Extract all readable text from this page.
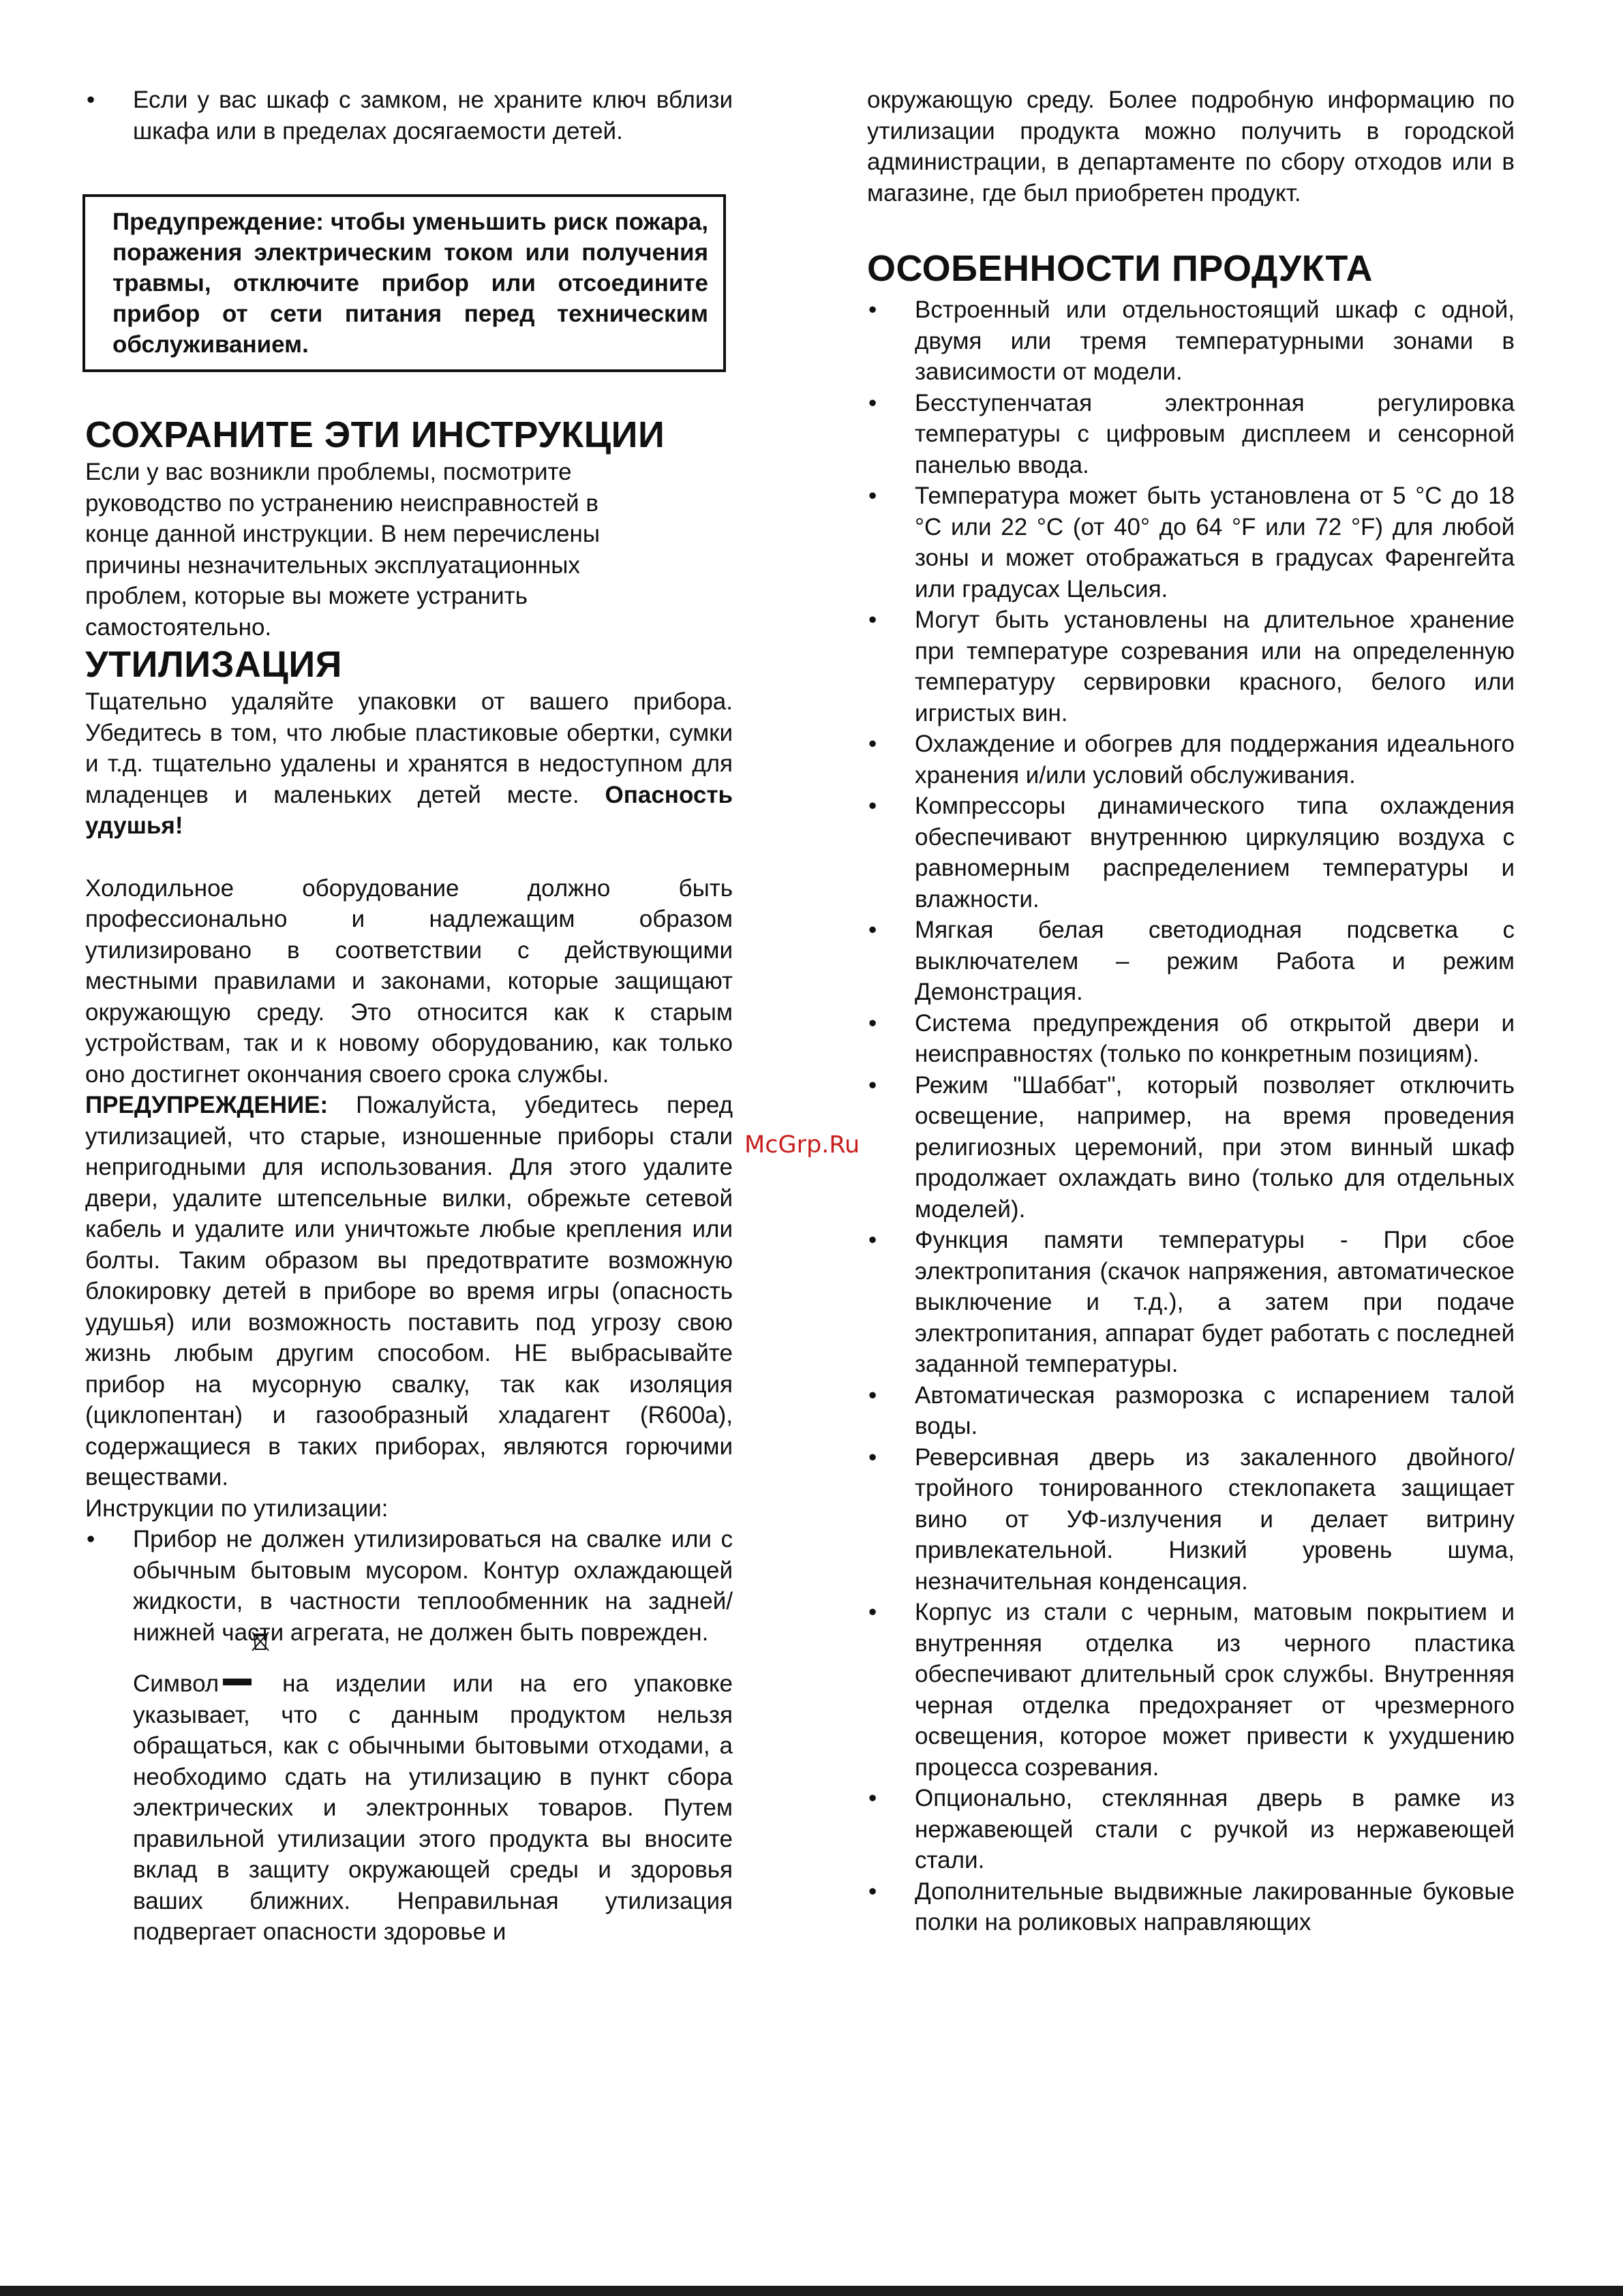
• Если у вас шкаф с замком, не храните ключ вблизи шкафа или в пределах досягаемости детей.
Предупреждение: чтобы уменьшить риск пожара, поражения электрическим током или получения травмы, отключите прибор или отсоедините прибор от сети питания перед техническим обслуживанием.
СОХРАНИТЕ ЭТИ ИНСТРУКЦИИ
Если у вас возникли проблемы, посмотрите
руководство по устранению неисправностей в
конце данной инструкции. В нем перечислены
причины незначительных эксплуатационных
проблем, которые вы можете устранить
самостоятельно.
УТИЛИЗАЦИЯ

Тщательно удаляйте упаковки от вашего прибора. Убедитесь в том, что любые пластиковые обертки, сумки и т.д. тщательно удалены и хранятся в недоступном для младенцев и маленьких детей месте. Опасность удушья!

Холодильное оборудование должно быть профессионально и надлежащим образом утилизировано в соответствии с действующими местными правилами и законами, которые защищают окружающую среду. Это относится как к старым устройствам, так и к новому оборудованию, как только оно достигнет окончания своего срока службы.

ПРЕДУПРЕЖДЕНИЕ: Пожалуйста, убедитесь перед утилизацией, что старые, изношенные приборы стали непригодными для использования. Для этого удалите двери, удалите штепсельные вилки, обрежьте сетевой кабель и удалите или уничтожьте любые крепления или болты. Таким образом вы предотвратите возможную блокировку детей в приборе во время игры (опасность удушья) или возможность поставить под угрозу свою жизнь любым другим способом. НЕ выбрасывайте прибор на мусорную свалку, так как изоляция (циклопентан) и газообразный хладагент (R600a), содержащиеся в таких приборах, являются горючими веществами.

Инструкции по утилизации:

• Прибор не должен утилизироваться на свалке или с обычным бытовым мусором. Контур охлаждающей жидкости, в частности теплообменник на задней/нижней части агрегата, не должен быть поврежден.
Символ на изделии или на его упаковке указывает, что с данным продуктом нельзя обращаться, как с обычными бытовыми отходами, а необходимо сдать на утилизацию в пункт сбора электрических и электронных товаров. Путем правильной утилизации этого продукта вы вносите вклад в защиту окружающей среды и здоровья ваших ближних. Неправильная утилизация подвергает опасности здоровье и

окружающую среду. Более подробную информацию по утилизации продукта можно получить в городской администрации, в департаменте по сбору отходов или в магазине, где был приобретен продукт.

ОСОБЕННОСТИ ПРОДУКТА
• Встроенный или отдельностоящий шкаф с одной, двумя или тремя температурными зонами в зависимости от модели.
• Бесступенчатая электронная регулировка температуры с цифровым дисплеем и сенсорной панелью ввода.
• Температура может быть установлена от 5 °C до 18 °C или 22 °C (от 40° до 64 °F или 72 °F) для любой зоны и может отображаться в градусах Фаренгейта или градусах Цельсия.
• Могут быть установлены на длительное хранение при температуре созревания или на определенную температуру сервировки красного, белого или игристых вин.
• Охлаждение и обогрев для поддержания идеального хранения и/или условий обслуживания.
• Компрессоры динамического типа охлаждения обеспечивают внутреннюю циркуляцию воздуха с равномерным распределением температуры и влажности.
• Мягкая белая светодиодная подсветка с выключателем – режим Работа и режим Демонстрация.
• Система предупреждения об открытой двери и неисправностях (только по конкретным позициям).
• Режим "Шаббат", который позволяет отключить освещение, например, на время проведения религиозных церемоний, при этом винный шкаф продолжает охлаждать вино (только для отдельных моделей).
• Функция памяти температуры - При сбое электропитания (скачок напряжения, автоматическое выключение и т.д.), а затем при подаче электропитания, аппарат будет работать с последней заданной температуры.
• Автоматическая разморозка с испарением талой воды.
• Реверсивная дверь из закаленного двойного/тройного тонированного стеклопакета защищает вино от УФ-излучения и делает витрину привлекательной. Низкий уровень шума, незначительная конденсация.
• Корпус из стали с черным, матовым покрытием и внутренняя отделка из черного пластика обеспечивают длительный срок службы. Внутренняя черная отделка предохраняет от чрезмерного освещения, которое может привести к ухудшению процесса созревания.
• Опционально, стеклянная дверь в рамке из нержавеющей стали с ручкой из нержавеющей стали.
• Дополнительные выдвижные лакированные буковые полки на роликовых направляющих
McGrp.Ru
